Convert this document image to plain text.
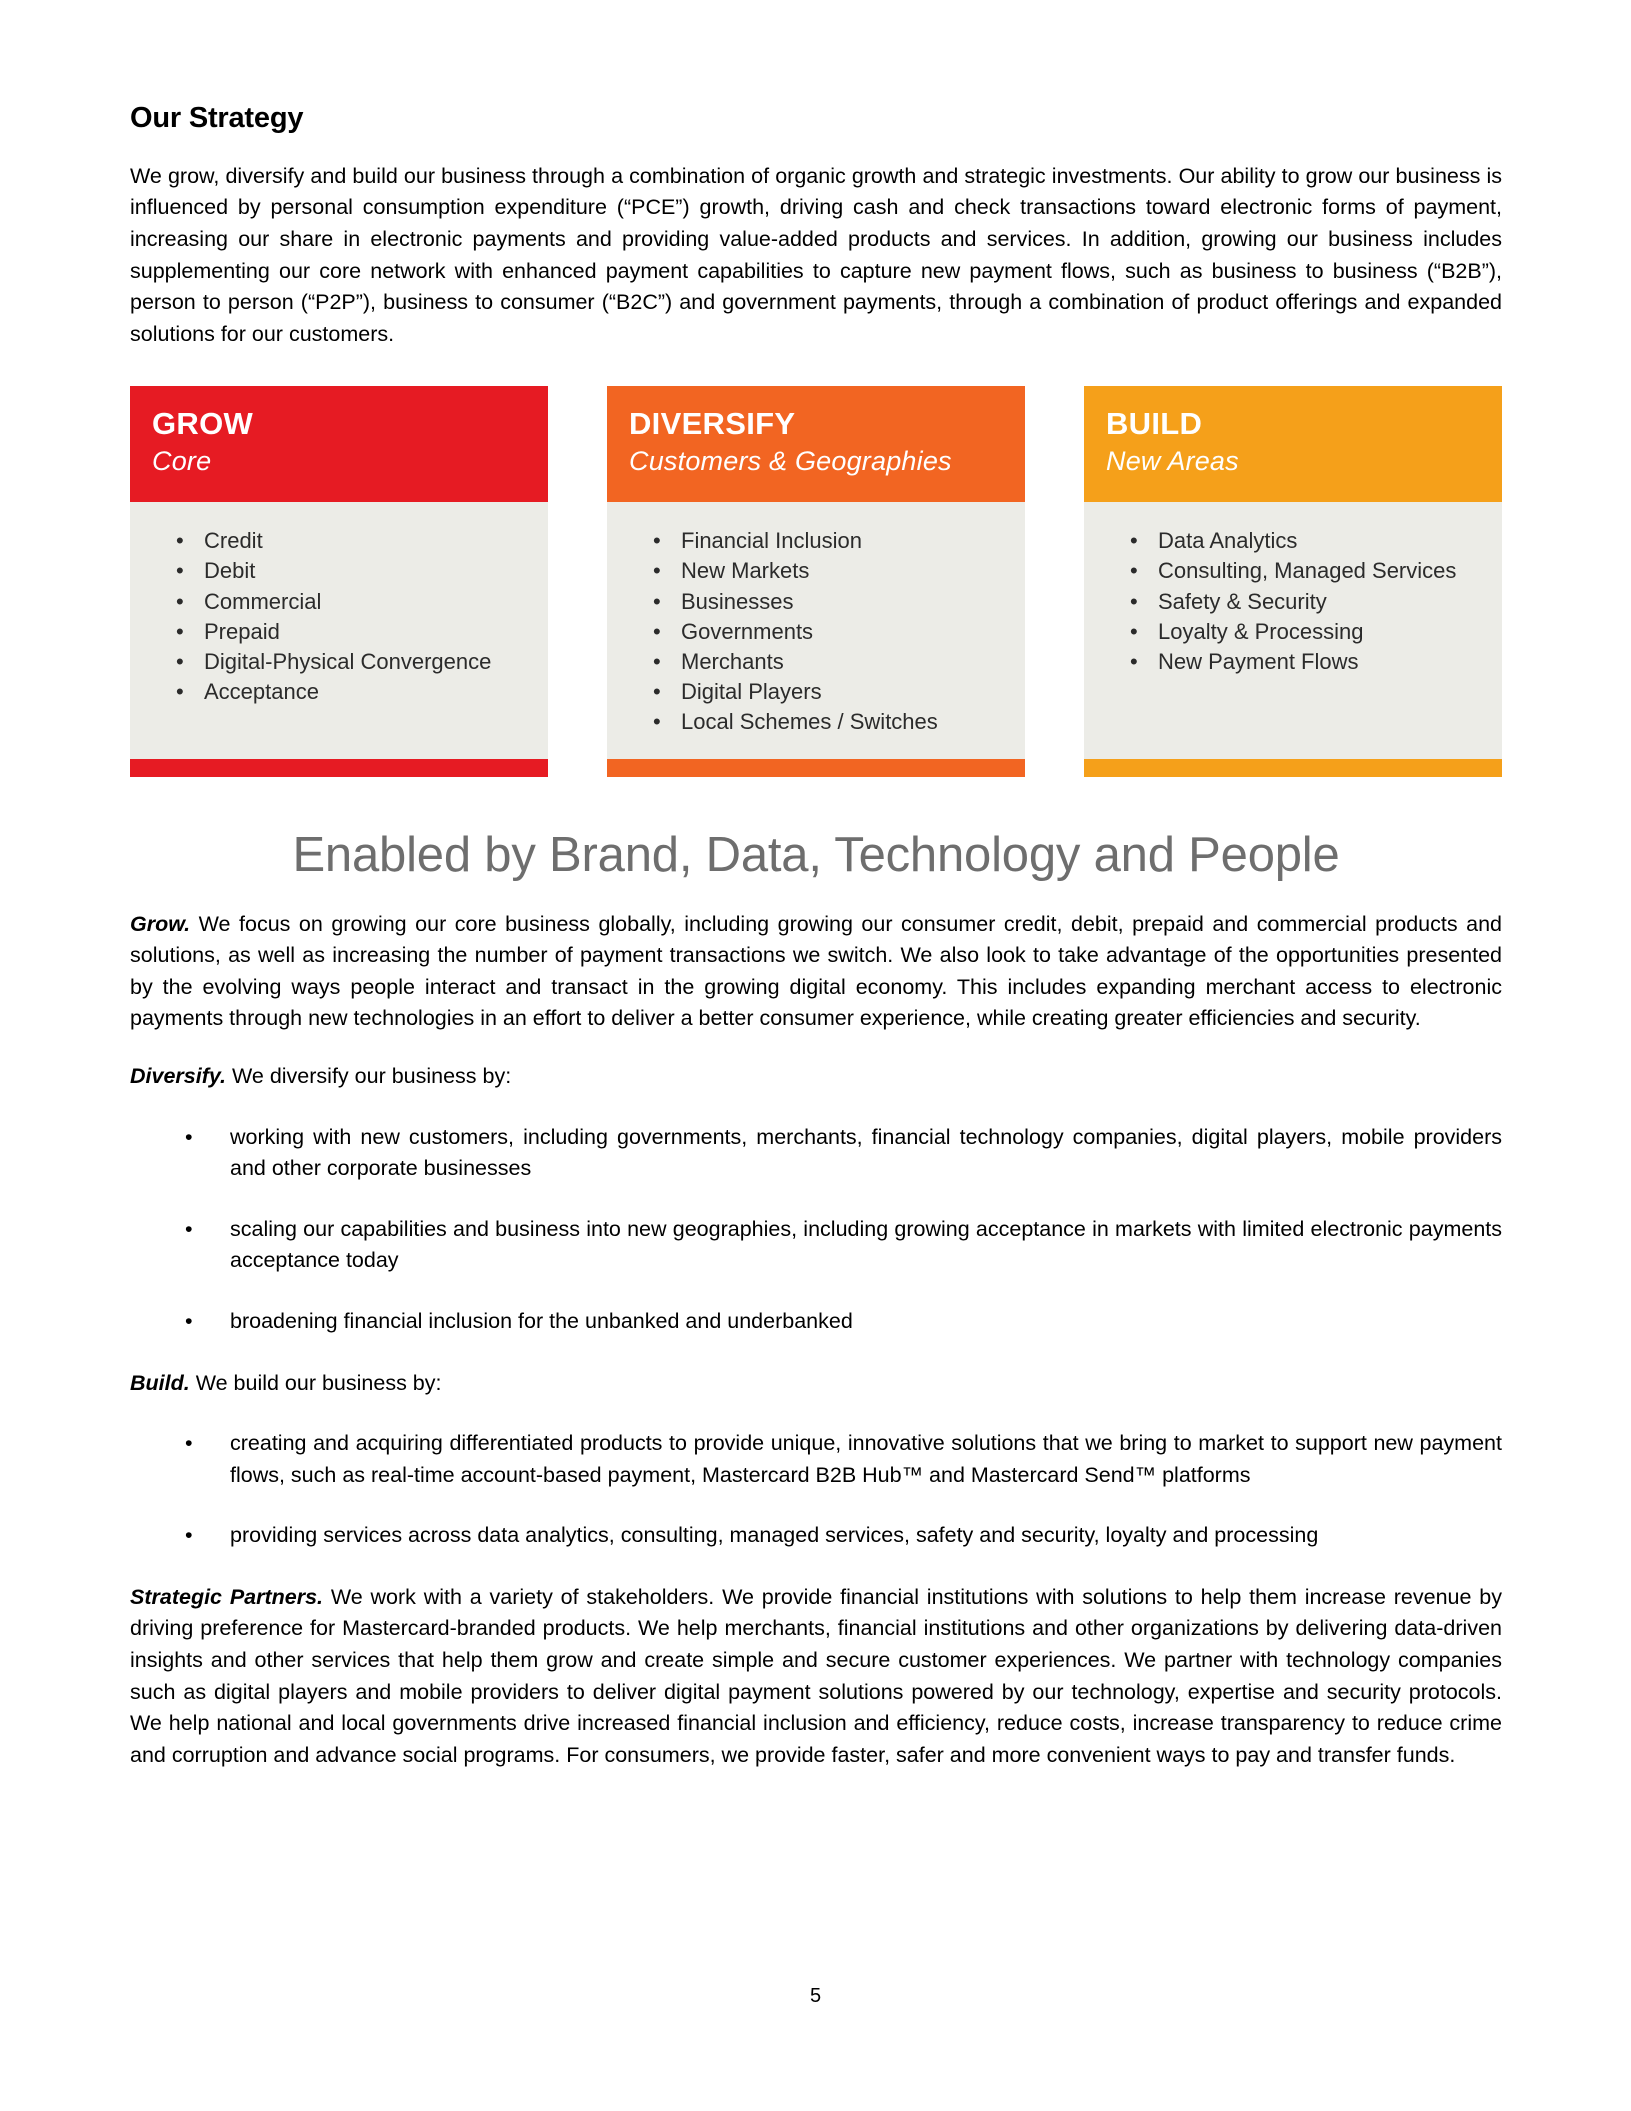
Our Strategy

We grow, diversify and build our business through a combination of organic growth and strategic investments. Our ability to grow our business is influenced by personal consumption expenditure (“PCE”) growth, driving cash and check transactions toward electronic forms of payment, increasing our share in electronic payments and providing value-added products and services. In addition, growing our business includes supplementing our core network with enhanced payment capabilities to capture new payment flows, such as business to business (“B2B”), person to person (“P2P”), business to consumer (“B2C”) and government payments, through a combination of product offerings and expanded solutions for our customers.

GROW
Core
• Credit
• Debit
• Commercial
• Prepaid
• Digital-Physical Convergence
• Acceptance
DIVERSIFY
Customers & Geographies
• Financial Inclusion
• New Markets
• Businesses
• Governments
• Merchants
• Digital Players
• Local Schemes / Switches
BUILD
New Areas
• Data Analytics
• Consulting, Managed Services
• Safety & Security
• Loyalty & Processing
• New Payment Flows
Enabled by Brand, Data, Technology and People

Grow. We focus on growing our core business globally, including growing our consumer credit, debit, prepaid and commercial products and solutions, as well as increasing the number of payment transactions we switch. We also look to take advantage of the opportunities presented by the evolving ways people interact and transact in the growing digital economy. This includes expanding merchant access to electronic payments through new technologies in an effort to deliver a better consumer experience, while creating greater efficiencies and security.

Diversify. We diversify our business by:

• working with new customers, including governments, merchants, financial technology companies, digital players, mobile providers and other corporate businesses
• scaling our capabilities and business into new geographies, including growing acceptance in markets with limited electronic payments acceptance today
• broadening financial inclusion for the unbanked and underbanked

Build. We build our business by:

• creating and acquiring differentiated products to provide unique, innovative solutions that we bring to market to support new payment flows, such as real-time account-based payment, Mastercard B2B Hub™ and Mastercard Send™ platforms
• providing services across data analytics, consulting, managed services, safety and security, loyalty and processing

Strategic Partners. We work with a variety of stakeholders. We provide financial institutions with solutions to help them increase revenue by driving preference for Mastercard-branded products. We help merchants, financial institutions and other organizations by delivering data-driven insights and other services that help them grow and create simple and secure customer experiences. We partner with technology companies such as digital players and mobile providers to deliver digital payment solutions powered by our technology, expertise and security protocols. We help national and local governments drive increased financial inclusion and efficiency, reduce costs, increase transparency to reduce crime and corruption and advance social programs. For consumers, we provide faster, safer and more convenient ways to pay and transfer funds.

5
